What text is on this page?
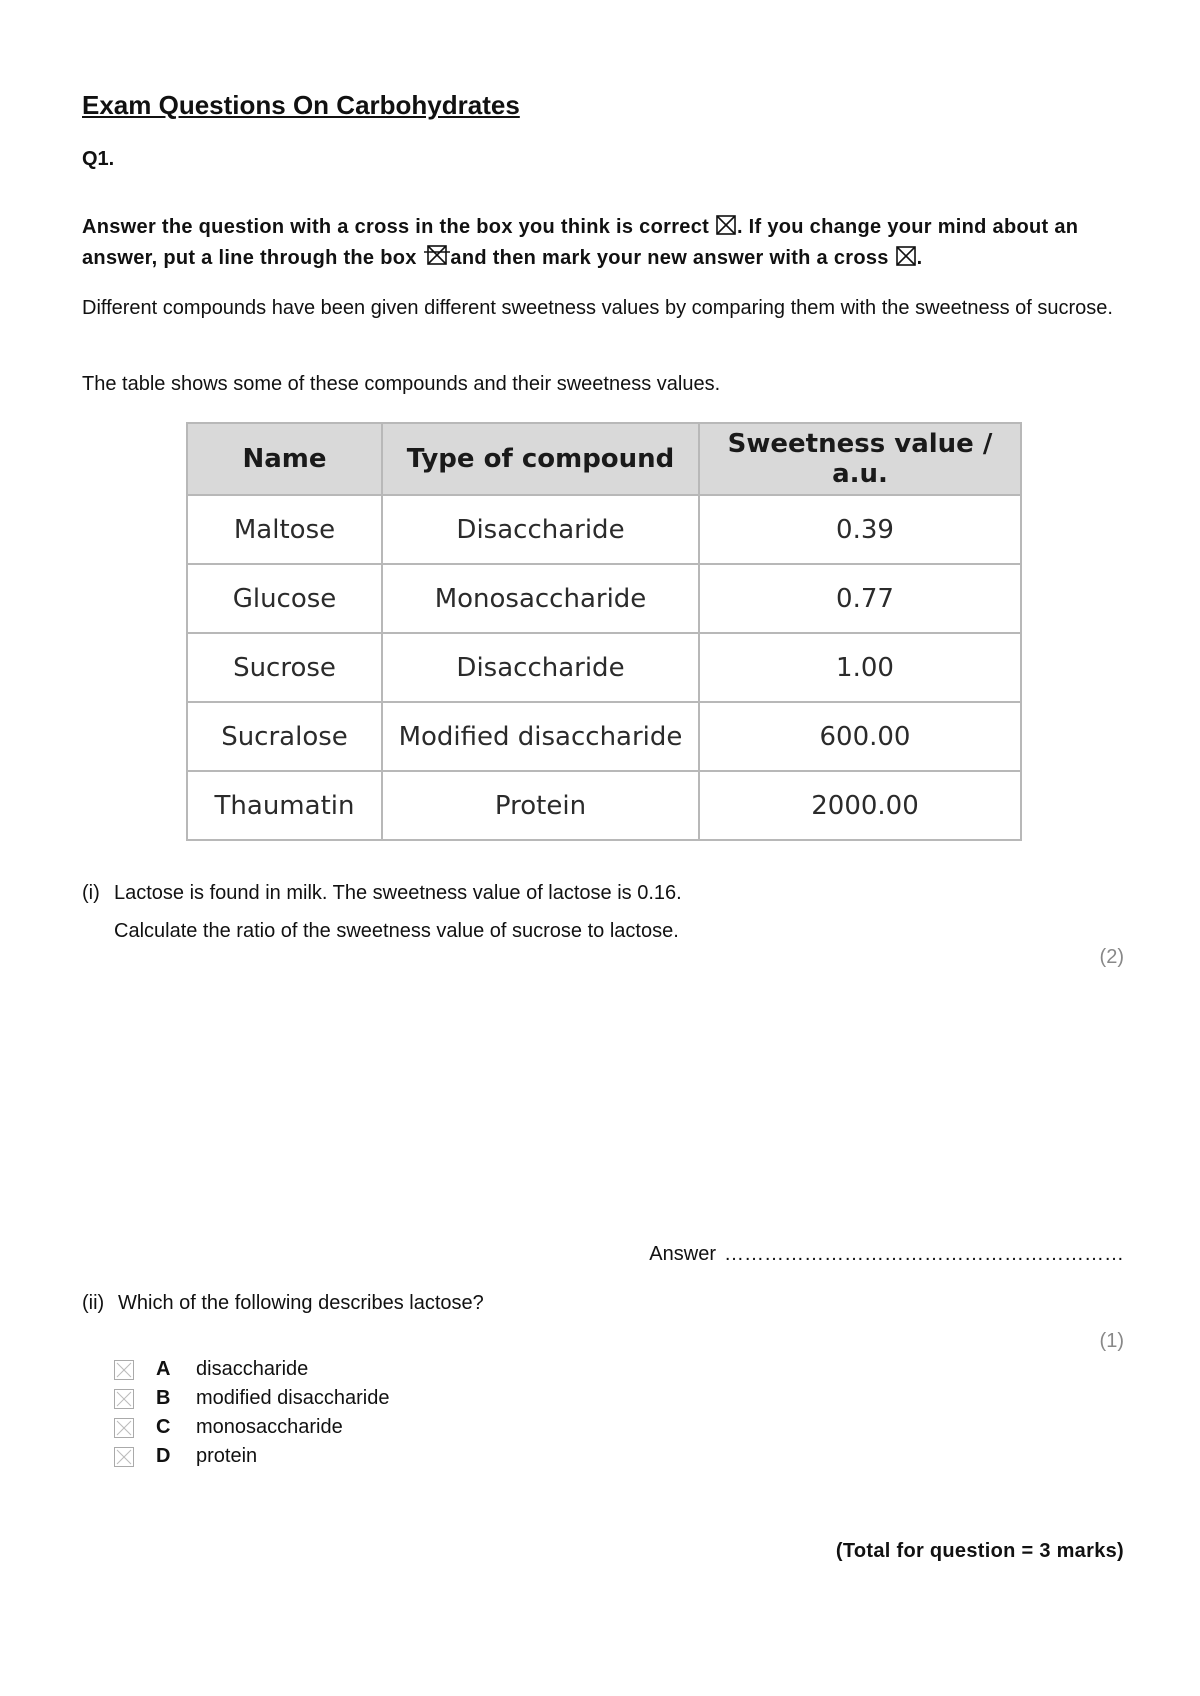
Exam Questions On Carbohydrates
Q1.
Answer the question with a cross in the box you think is correct ☒. If you change your mind about an answer, put a line through the box and then mark your new answer with a cross ☒.
Different compounds have been given different sweetness values by comparing them with the sweetness of sucrose.
The table shows some of these compounds and their sweetness values.
Name	Type of compound	Sweetness value / a.u.
Maltose	Disaccharide	0.39
Glucose	Monosaccharide	0.77
Sucrose	Disaccharide	1.00
Sucralose	Modified disaccharide	600.00
Thaumatin	Protein	2000.00
(i) Lactose is found in milk. The sweetness value of lactose is 0.16.
Calculate the ratio of the sweetness value of sucrose to lactose.
(2)
Answer ……………………………………………………
(ii) Which of the following describes lactose?
(1)
A	disaccharide
B	modified disaccharide
C	monosaccharide
D	protein
(Total for question = 3 marks)
